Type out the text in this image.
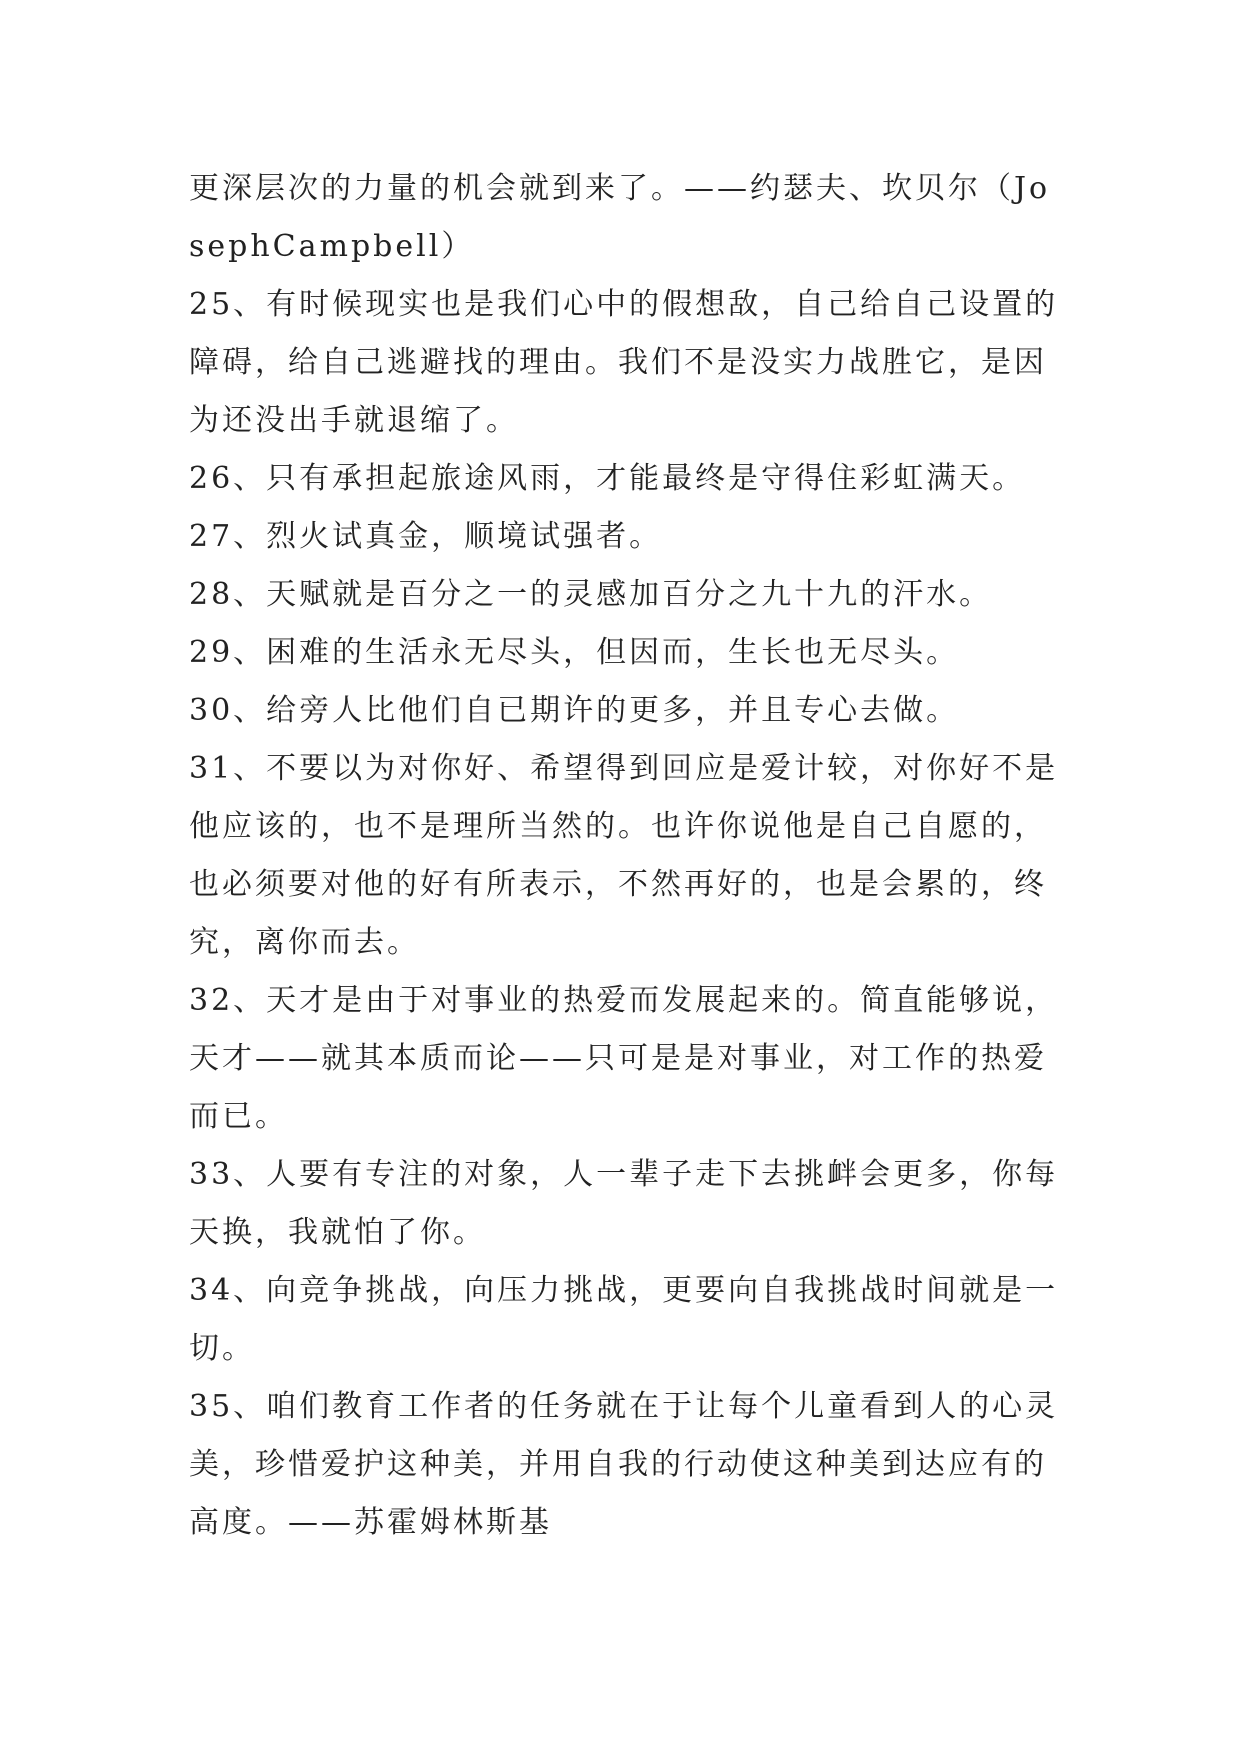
更深层次的力量的机会就到来了。——约瑟夫、坎贝尔（JosephCampbell）

25、有时候现实也是我们心中的假想敌，自己给自己设置的障碍，给自己逃避找的理由。我们不是没实力战胜它，是因为还没出手就退缩了。

26、只有承担起旅途风雨，才能最终是守得住彩虹满天。

27、烈火试真金，顺境试强者。

28、天赋就是百分之一的灵感加百分之九十九的汗水。

29、困难的生活永无尽头，但因而，生长也无尽头。

30、给旁人比他们自已期许的更多，并且专心去做。

31、不要以为对你好、希望得到回应是爱计较，对你好不是他应该的，也不是理所当然的。也许你说他是自己自愿的，也必须要对他的好有所表示，不然再好的，也是会累的，终究，离你而去。

32、天才是由于对事业的热爱而发展起来的。简直能够说，天才——就其本质而论——只可是是对事业，对工作的热爱而已。

33、人要有专注的对象，人一辈子走下去挑衅会更多，你每天换，我就怕了你。

34、向竞争挑战，向压力挑战，更要向自我挑战时间就是一切。

35、咱们教育工作者的任务就在于让每个儿童看到人的心灵美，珍惜爱护这种美，并用自我的行动使这种美到达应有的高度。——苏霍姆林斯基
